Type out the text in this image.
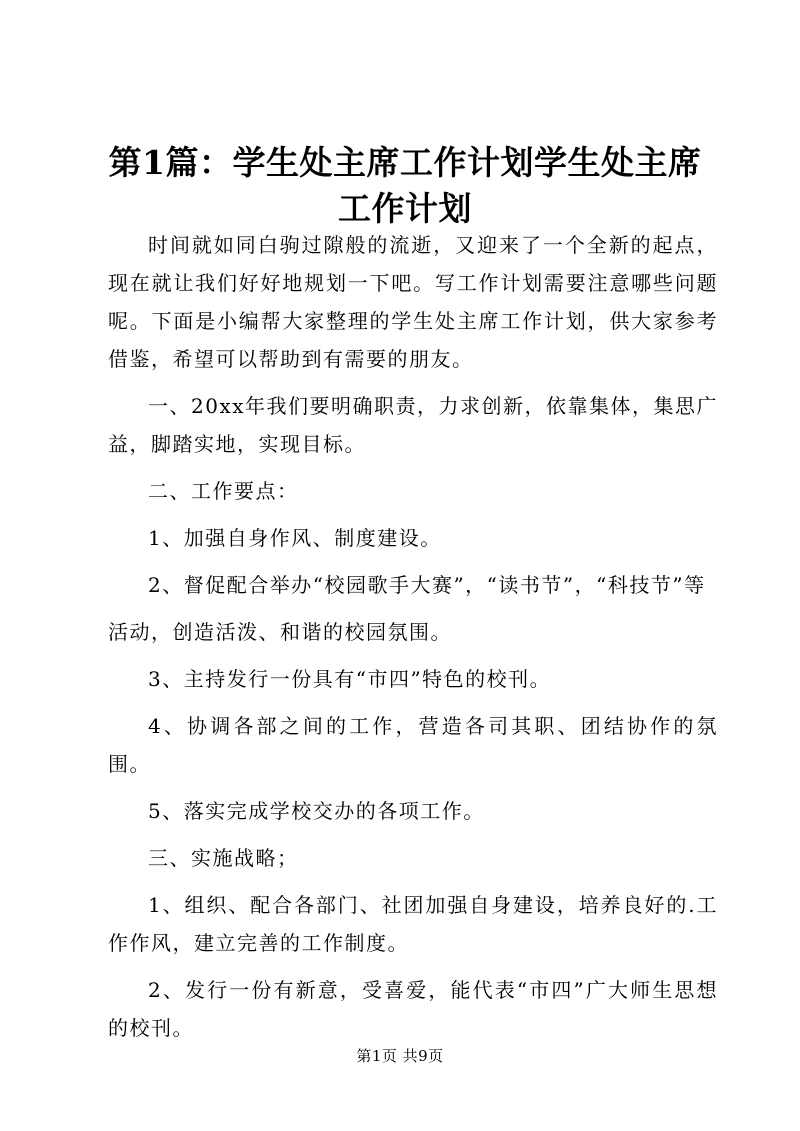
第1篇：学生处主席工作计划学生处主席工作计划

时间就如同白驹过隙般的流逝，又迎来了一个全新的起点，现在就让我们好好地规划一下吧。写工作计划需要注意哪些问题呢。下面是小编帮大家整理的学生处主席工作计划，供大家参考借鉴，希望可以帮助到有需要的朋友。

一、20xx年我们要明确职责，力求创新，依靠集体，集思广益，脚踏实地，实现目标。

二、工作要点：

1、加强自身作风、制度建设。

2、督促配合举办“校园歌手大赛”，“读书节”，“科技节”等

活动，创造活泼、和谐的校园氛围。

3、主持发行一份具有“市四”特色的校刊。

4、协调各部之间的工作，营造各司其职、团结协作的氛围。

5、落实完成学校交办的各项工作。

三、实施战略；

1、组织、配合各部门、社团加强自身建设，培养良好的.工作作风，建立完善的工作制度。

2、发行一份有新意，受喜爱，能代表“市四”广大师生思想的校刊。

第1页 共9页
